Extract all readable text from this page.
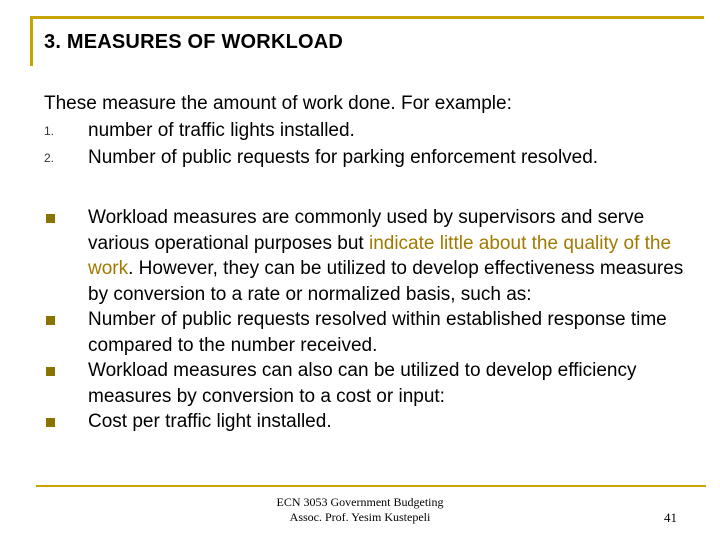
3. MEASURES OF WORKLOAD
These measure the amount of work done. For example:
1. number of traffic lights installed.
2. Number of public requests for parking enforcement resolved.
Workload measures are commonly used by supervisors and serve various operational purposes but indicate little about the quality of the work. However, they can be utilized to develop effectiveness measures by conversion to a rate or normalized basis, such as:
Number of public requests resolved within established response time compared to the number received.
Workload measures can also can be utilized to develop efficiency measures by conversion to a cost or input:
Cost per traffic light installed.
ECN 3053 Government Budgeting
Assoc. Prof. Yesim Kustepeli	41
